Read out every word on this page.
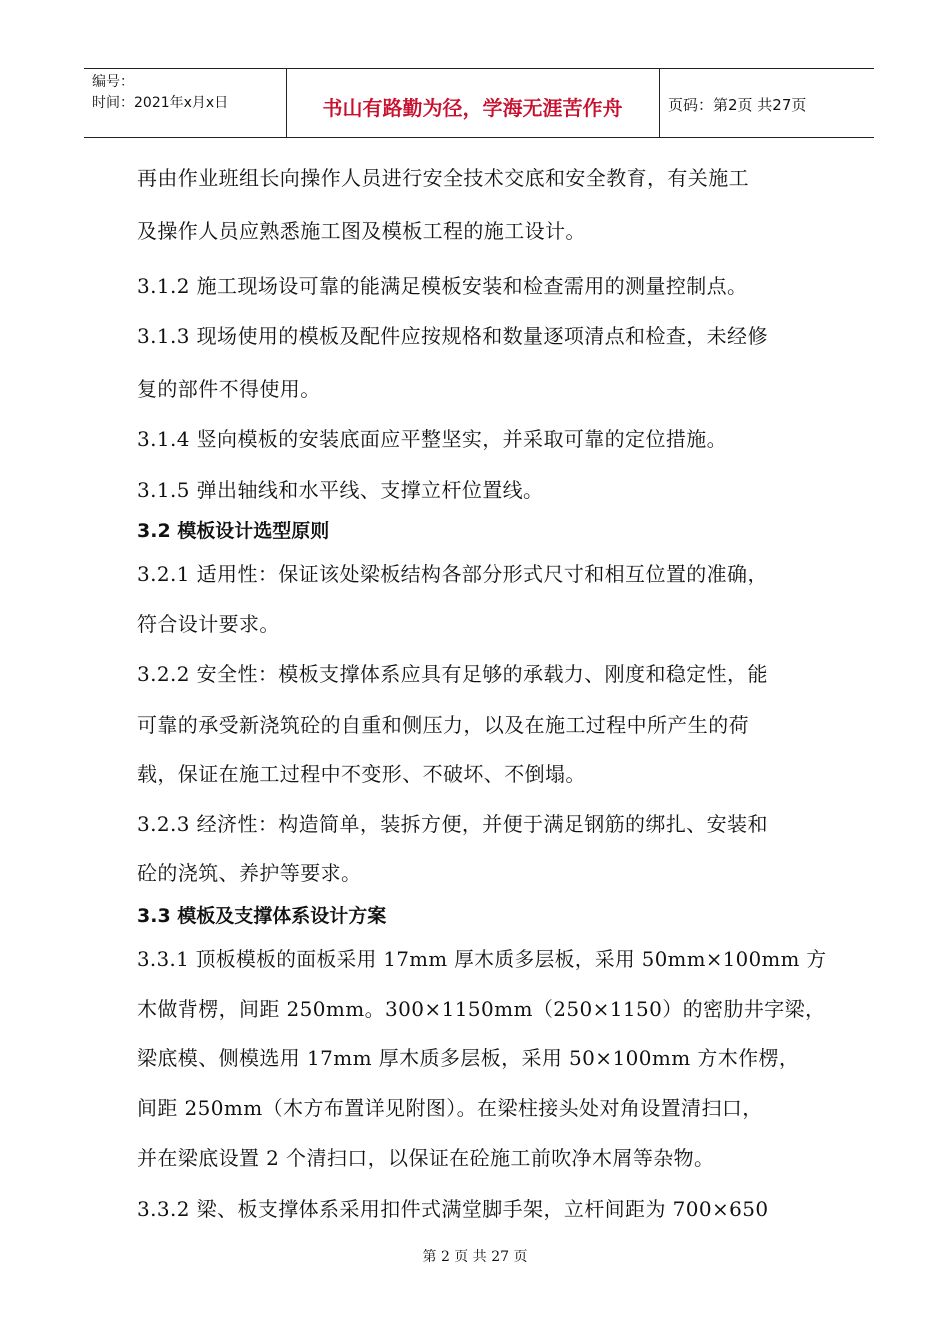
编号：
时间：2021年x月x日	书山有路勤为径，学海无涯苦作舟	页码：第2页 共27页
再由作业班组长向操作人员进行安全技术交底和安全教育，有关施工
及操作人员应熟悉施工图及模板工程的施工设计。
3.1.2 施工现场设可靠的能满足模板安装和检查需用的测量控制点。
3.1.3 现场使用的模板及配件应按规格和数量逐项清点和检查，未经修
复的部件不得使用。
3.1.4 竖向模板的安装底面应平整坚实，并采取可靠的定位措施。
3.1.5 弹出轴线和水平线、支撑立杆位置线。
3.2 模板设计选型原则
3.2.1 适用性：保证该处梁板结构各部分形式尺寸和相互位置的准确，
符合设计要求。
3.2.2 安全性：模板支撑体系应具有足够的承载力、刚度和稳定性，能
可靠的承受新浇筑砼的自重和侧压力，以及在施工过程中所产生的荷
载，保证在施工过程中不变形、不破坏、不倒塌。
3.2.3 经济性：构造简单，装拆方便，并便于满足钢筋的绑扎、安装和
砼的浇筑、养护等要求。
3.3 模板及支撑体系设计方案
3.3.1 顶板模板的面板采用 17mm 厚木质多层板，采用 50mm×100mm 方
木做背楞，间距 250mm。300×1150mm（250×1150）的密肋井字梁，
梁底模、侧模选用 17mm 厚木质多层板，采用 50×100mm 方木作楞，
间距 250mm（木方布置详见附图）。在梁柱接头处对角设置清扫口，
并在梁底设置 2 个清扫口，以保证在砼施工前吹净木屑等杂物。
3.3.2 梁、板支撑体系采用扣件式满堂脚手架，立杆间距为 700×650
第 2 页 共 27 页
